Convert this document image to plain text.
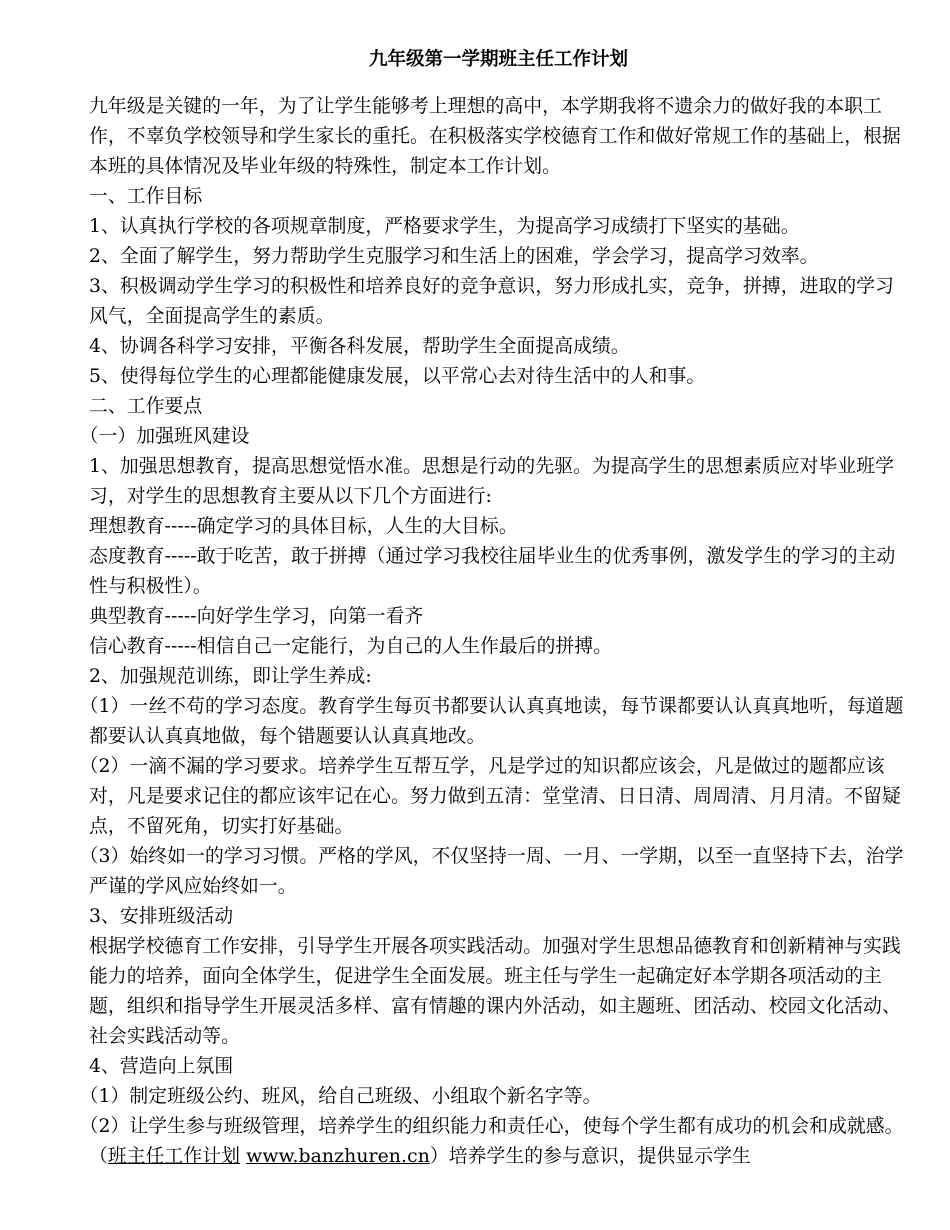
九年级第一学期班主任工作计划

九年级是关键的一年，为了让学生能够考上理想的高中，本学期我将不遗余力的做好我的本职工作，不辜负学校领导和学生家长的重托。在积极落实学校德育工作和做好常规工作的基础上，根据本班的具体情况及毕业年级的特殊性，制定本工作计划。

一、工作目标

1、认真执行学校的各项规章制度，严格要求学生，为提高学习成绩打下坚实的基础。

2、全面了解学生，努力帮助学生克服学习和生活上的困难，学会学习，提高学习效率。

3、积极调动学生学习的积极性和培养良好的竞争意识，努力形成扎实，竞争，拼搏，进取的学习风气，全面提高学生的素质。

4、协调各科学习安排，平衡各科发展，帮助学生全面提高成绩。

5、使得每位学生的心理都能健康发展，以平常心去对待生活中的人和事。

二、工作要点

（一）加强班风建设

1、加强思想教育，提高思想觉悟水准。思想是行动的先驱。为提高学生的思想素质应对毕业班学习，对学生的思想教育主要从以下几个方面进行:

理想教育-----确定学习的具体目标，人生的大目标。

态度教育-----敢于吃苦，敢于拼搏（通过学习我校往届毕业生的优秀事例，激发学生的学习的主动性与积极性）。

典型教育-----向好学生学习，向第一看齐

信心教育-----相信自己一定能行，为自己的人生作最后的拼搏。

2、加强规范训练，即让学生养成:

（1）一丝不苟的学习态度。教育学生每页书都要认认真真地读，每节课都要认认真真地听，每道题都要认认真真地做，每个错题要认认真真地改。

（2）一滴不漏的学习要求。培养学生互帮互学，凡是学过的知识都应该会，凡是做过的题都应该对，凡是要求记住的都应该牢记在心。努力做到五清：堂堂清、日日清、周周清、月月清。不留疑点，不留死角，切实打好基础。

（3）始终如一的学习习惯。严格的学风，不仅坚持一周、一月、一学期，以至一直坚持下去，治学严谨的学风应始终如一。

3、安排班级活动

根据学校德育工作安排，引导学生开展各项实践活动。加强对学生思想品德教育和创新精神与实践能力的培养，面向全体学生，促进学生全面发展。班主任与学生一起确定好本学期各项活动的主题，组织和指导学生开展灵活多样、富有情趣的课内外活动，如主题班、团活动、校园文化活动、社会实践活动等。

4、营造向上氛围

（1）制定班级公约、班风，给自己班级、小组取个新名字等。

（2）让学生参与班级管理，培养学生的组织能力和责任心，使每个学生都有成功的机会和成就感。（班主任工作计划 www.banzhuren.cn）培养学生的参与意识，提供显示学生
